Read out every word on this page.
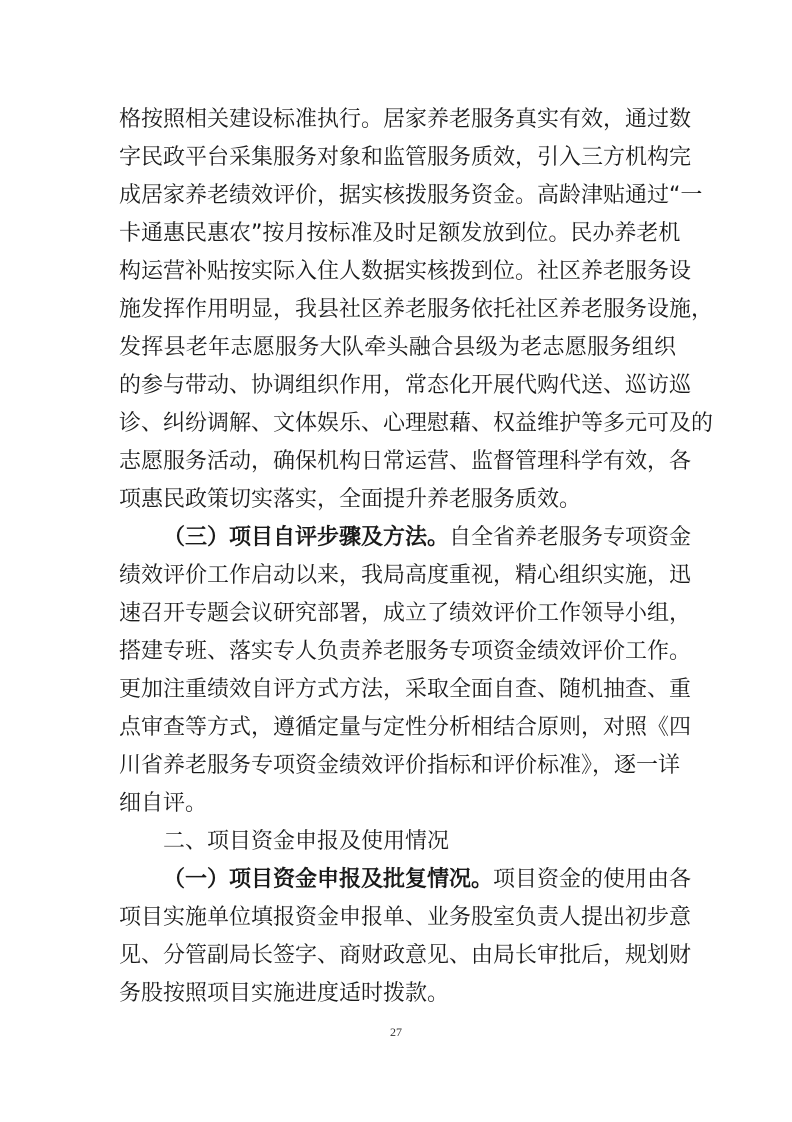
格按照相关建设标准执行。居家养老服务真实有效，通过数
字民政平台采集服务对象和监管服务质效，引入三方机构完
成居家养老绩效评价，据实核拨服务资金。高龄津贴通过“一
卡通惠民惠农”按月按标准及时足额发放到位。民办养老机
构运营补贴按实际入住人数据实核拨到位。社区养老服务设
施发挥作用明显，我县社区养老服务依托社区养老服务设施，
发挥县老年志愿服务大队牵头融合县级为老志愿服务组织
的参与带动、协调组织作用，常态化开展代购代送、巡访巡
诊、纠纷调解、文体娱乐、心理慰藉、权益维护等多元可及的
志愿服务活动，确保机构日常运营、监督管理科学有效，各
项惠民政策切实落实，全面提升养老服务质效。
（三）项目自评步骤及方法。自全省养老服务专项资金
绩效评价工作启动以来，我局高度重视，精心组织实施，迅
速召开专题会议研究部署，成立了绩效评价工作领导小组，
搭建专班、落实专人负责养老服务专项资金绩效评价工作。
更加注重绩效自评方式方法，采取全面自查、随机抽查、重
点审查等方式，遵循定量与定性分析相结合原则，对照《四
川省养老服务专项资金绩效评价指标和评价标准》，逐一详
细自评。
二、项目资金申报及使用情况
（一）项目资金申报及批复情况。项目资金的使用由各
项目实施单位填报资金申报单、业务股室负责人提出初步意
见、分管副局长签字、商财政意见、由局长审批后，规划财
务股按照项目实施进度适时拨款。
27
